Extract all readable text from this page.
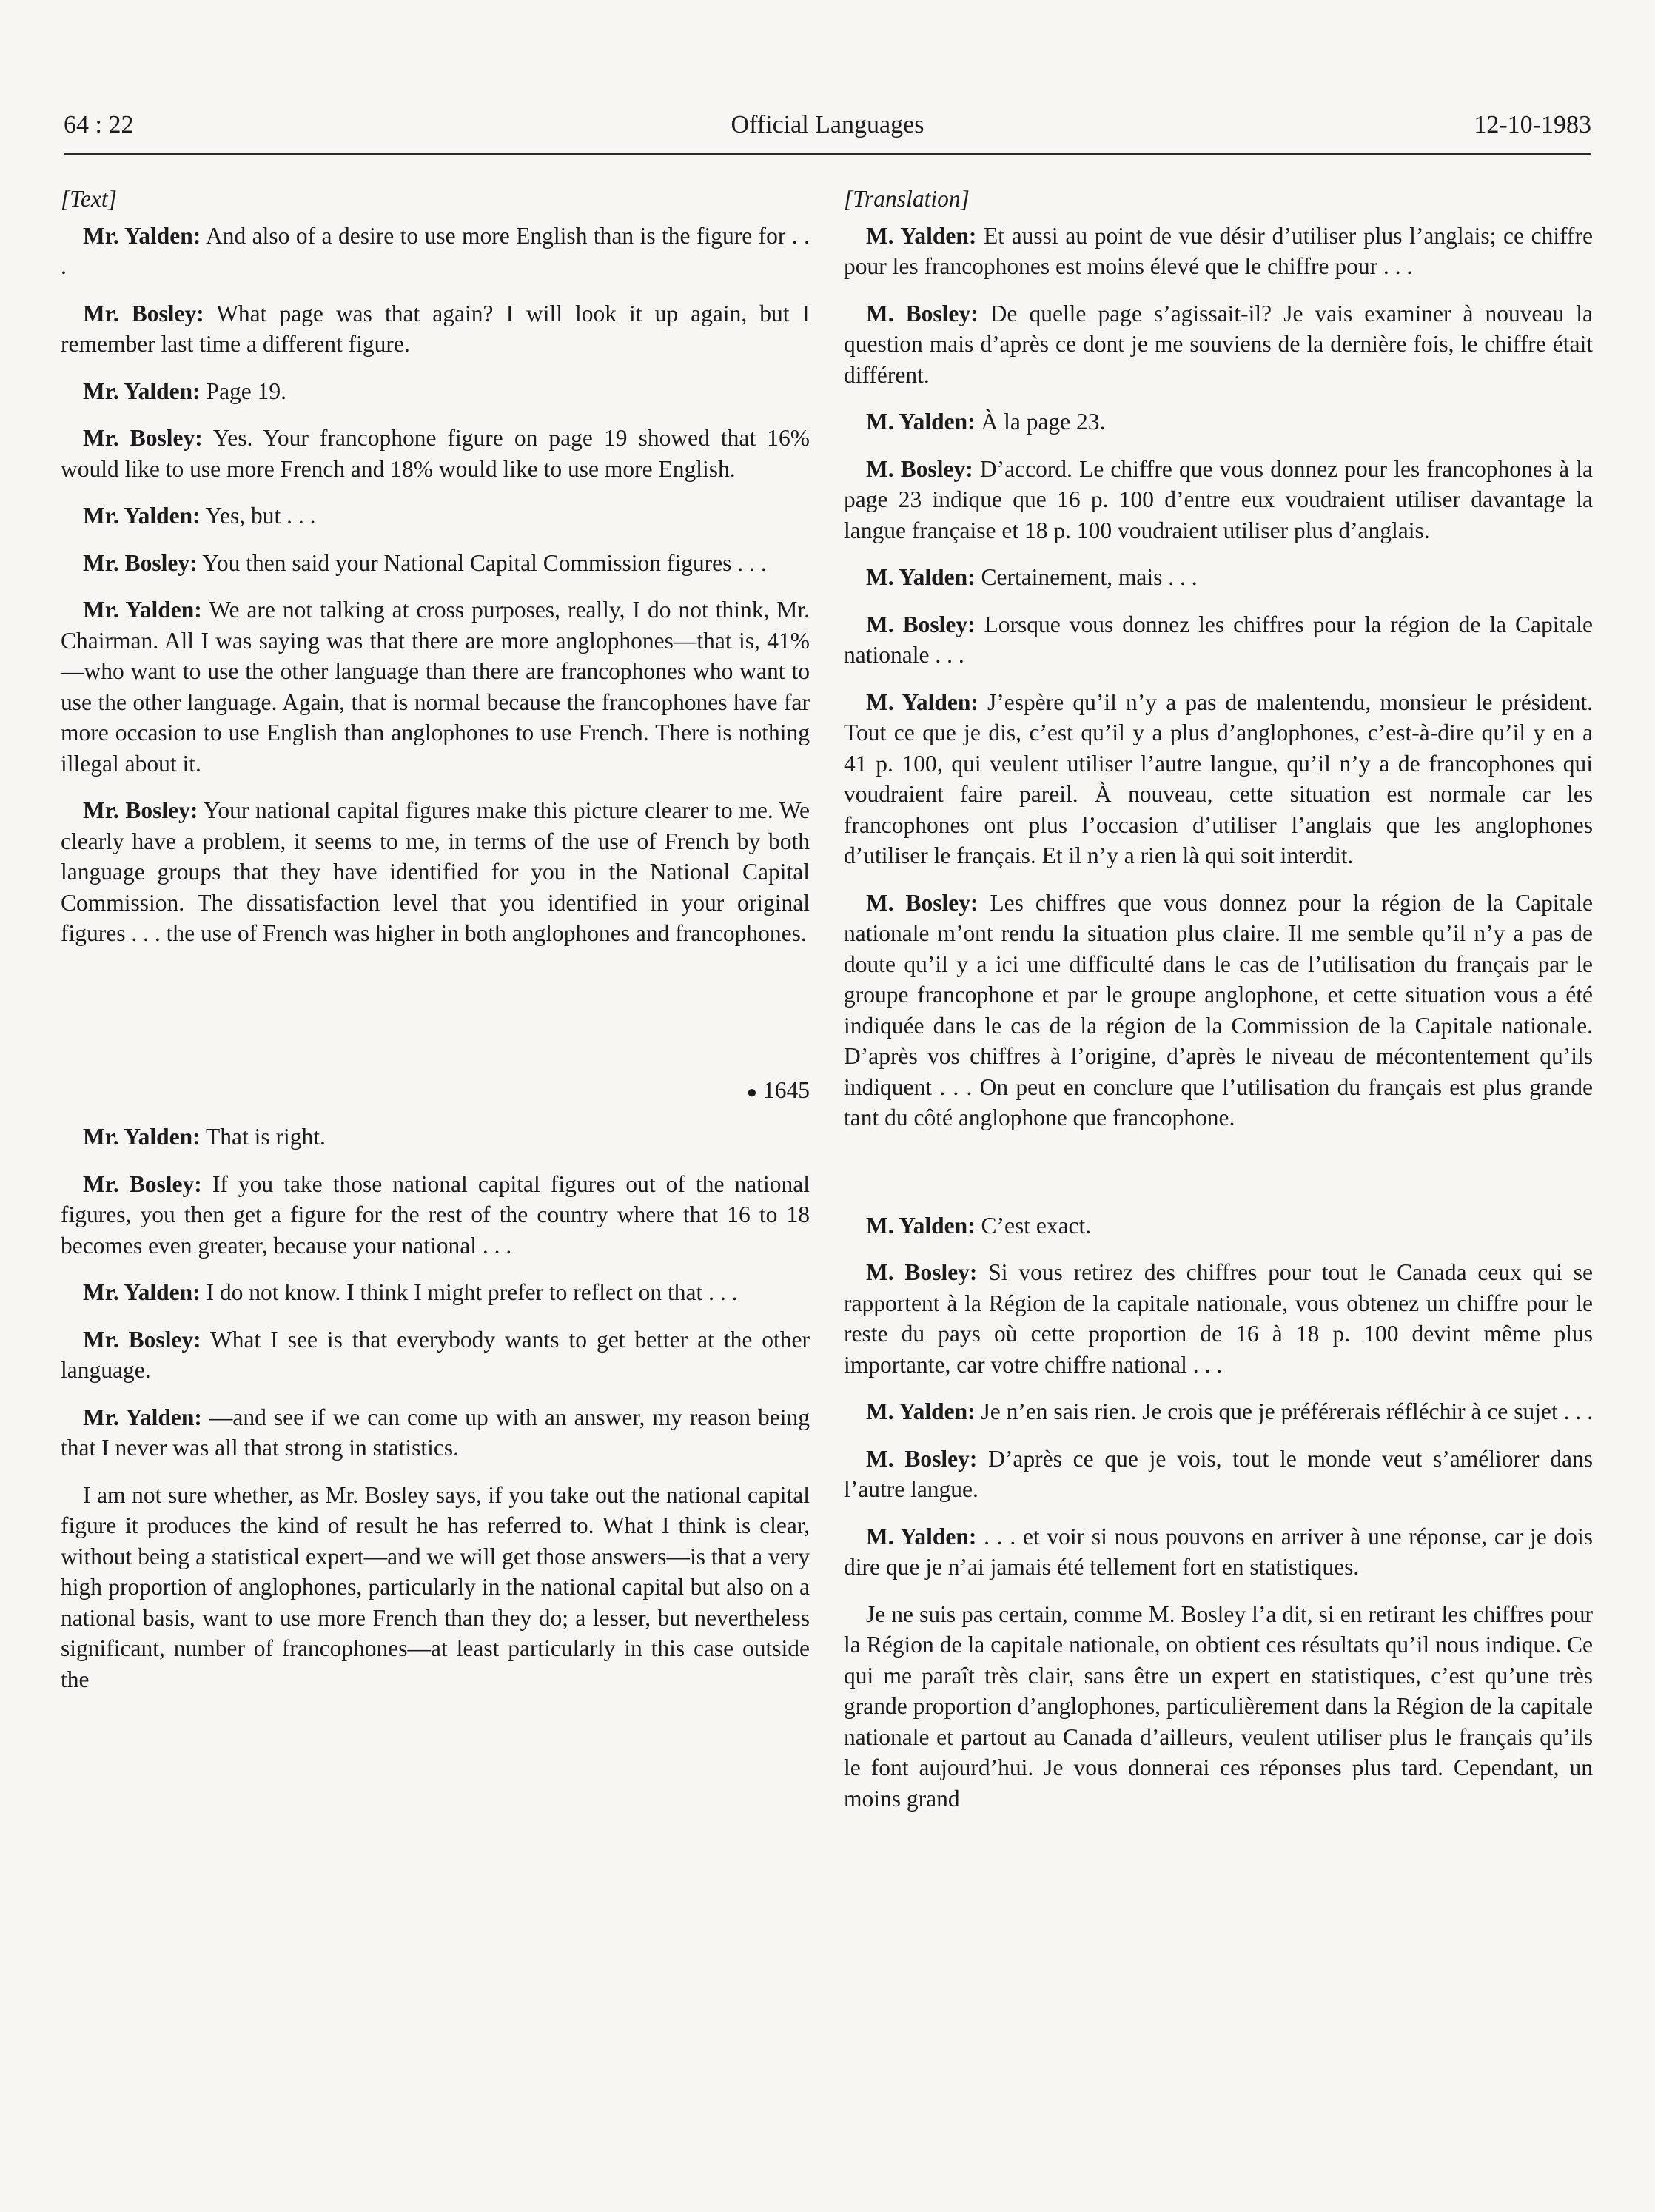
64 : 22	Official Languages	12-10-1983
[Text]

Mr. Yalden: And also of a desire to use more English than is the figure for . . .

Mr. Bosley: What page was that again? I will look it up again, but I remember last time a different figure.

Mr. Yalden: Page 19.

Mr. Bosley: Yes. Your francophone figure on page 19 showed that 16% would like to use more French and 18% would like to use more English.

Mr. Yalden: Yes, but . . .

Mr. Bosley: You then said your National Capital Commission figures . . .

Mr. Yalden: We are not talking at cross purposes, really, I do not think, Mr. Chairman. All I was saying was that there are more anglophones—that is, 41%—who want to use the other language than there are francophones who want to use the other language. Again, that is normal because the francophones have far more occasion to use English than anglophones to use French. There is nothing illegal about it.

Mr. Bosley: Your national capital figures make this picture clearer to me. We clearly have a problem, it seems to me, in terms of the use of French by both language groups that they have identified for you in the National Capital Commission. The dissatisfaction level that you identified in your original figures . . . the use of French was higher in both anglophones and francophones.

● 1645

Mr. Yalden: That is right.

Mr. Bosley: If you take those national capital figures out of the national figures, you then get a figure for the rest of the country where that 16 to 18 becomes even greater, because your national . . .

Mr. Yalden: I do not know. I think I might prefer to reflect on that . . .

Mr. Bosley: What I see is that everybody wants to get better at the other language.

Mr. Yalden: —and see if we can come up with an answer, my reason being that I never was all that strong in statistics.

I am not sure whether, as Mr. Bosley says, if you take out the national capital figure it produces the kind of result he has referred to. What I think is clear, without being a statistical expert—and we will get those answers—is that a very high proportion of anglophones, particularly in the national capital but also on a national basis, want to use more French than they do; a lesser, but nevertheless significant, number of francophones—at least particularly in this case outside the

[Translation]

M. Yalden: Et aussi au point de vue désir d’utiliser plus l’anglais; ce chiffre pour les francophones est moins élevé que le chiffre pour . . .

M. Bosley: De quelle page s’agissait-il? Je vais examiner à nouveau la question mais d’après ce dont je me souviens de la dernière fois, le chiffre était différent.

M. Yalden: À la page 23.

M. Bosley: D’accord. Le chiffre que vous donnez pour les francophones à la page 23 indique que 16 p. 100 d’entre eux voudraient utiliser davantage la langue française et 18 p. 100 voudraient utiliser plus d’anglais.

M. Yalden: Certainement, mais . . .

M. Bosley: Lorsque vous donnez les chiffres pour la région de la Capitale nationale . . .

M. Yalden: J’espère qu’il n’y a pas de malentendu, monsieur le président. Tout ce que je dis, c’est qu’il y a plus d’anglophones, c’est-à-dire qu’il y en a 41 p. 100, qui veulent utiliser l’autre langue, qu’il n’y a de francophones qui voudraient faire pareil. À nouveau, cette situation est normale car les francophones ont plus l’occasion d’utiliser l’anglais que les anglophones d’utiliser le français. Et il n’y a rien là qui soit interdit.

M. Bosley: Les chiffres que vous donnez pour la région de la Capitale nationale m’ont rendu la situation plus claire. Il me semble qu’il n’y a pas de doute qu’il y a ici une difficulté dans le cas de l’utilisation du français par le groupe francophone et par le groupe anglophone, et cette situation vous a été indiquée dans le cas de la région de la Commission de la Capitale nationale. D’après vos chiffres à l’origine, d’après le niveau de mécontentement qu’ils indiquent . . . On peut en conclure que l’utilisation du français est plus grande tant du côté anglophone que francophone.

M. Yalden: C’est exact.

M. Bosley: Si vous retirez des chiffres pour tout le Canada ceux qui se rapportent à la Région de la capitale nationale, vous obtenez un chiffre pour le reste du pays où cette proportion de 16 à 18 p. 100 devint même plus importante, car votre chiffre national . . .

M. Yalden: Je n’en sais rien. Je crois que je préférerais réfléchir à ce sujet . . .

M. Bosley: D’après ce que je vois, tout le monde veut s’améliorer dans l’autre langue.

M. Yalden: . . . et voir si nous pouvons en arriver à une réponse, car je dois dire que je n’ai jamais été tellement fort en statistiques.

Je ne suis pas certain, comme M. Bosley l’a dit, si en retirant les chiffres pour la Région de la capitale nationale, on obtient ces résultats qu’il nous indique. Ce qui me paraît très clair, sans être un expert en statistiques, c’est qu’une très grande proportion d’anglophones, particulièrement dans la Région de la capitale nationale et partout au Canada d’ailleurs, veulent utiliser plus le français qu’ils le font aujourd’hui. Je vous donnerai ces réponses plus tard. Cependant, un moins grand
